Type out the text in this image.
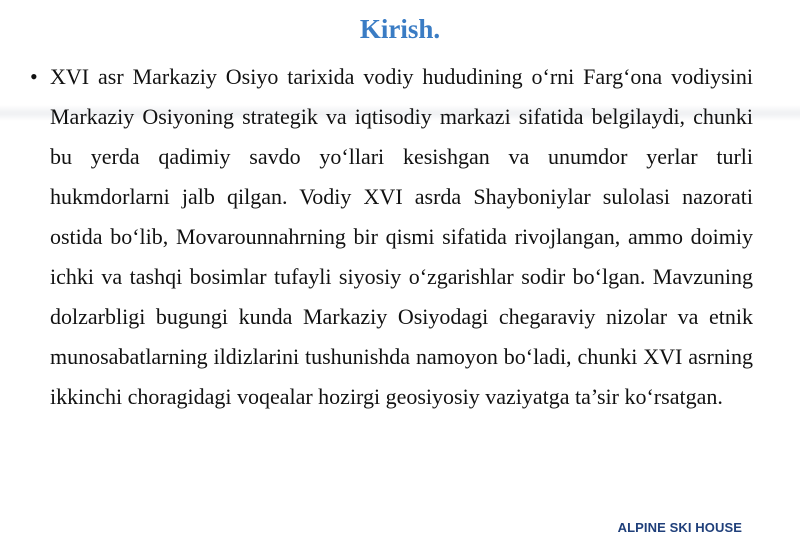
Kirish.
• XVI asr Markaziy Osiyo tarixida vodiy hududining o‘rni Farg‘ona vodiysini Markaziy Osiyoning strategik va iqtisodiy markazi sifatida belgilaydi, chunki bu yerda qadimiy savdo yo‘llari kesishgan va unumdor yerlar turli hukmdorlarni jalb qilgan. Vodiy XVI asrda Shayboniylar sulolasi nazorati ostida bo‘lib, Movarounnahrning bir qismi sifatida rivojlangan, ammo doimiy ichki va tashqi bosimlar tufayli siyosiy o‘zgarishlar sodir bo‘lgan. Mavzuning dolzarbligi bugungi kunda Markaziy Osiyodagi chegaraviy nizolar va etnik munosabatlarning ildizlarini tushunishda namoyon bo‘ladi, chunki XVI asrning ikkinchi choragidagi voqealar hozirgi geosiyosiy vaziyatga ta’sir ko‘rsatgan.
ALPINE SKI HOUSE
